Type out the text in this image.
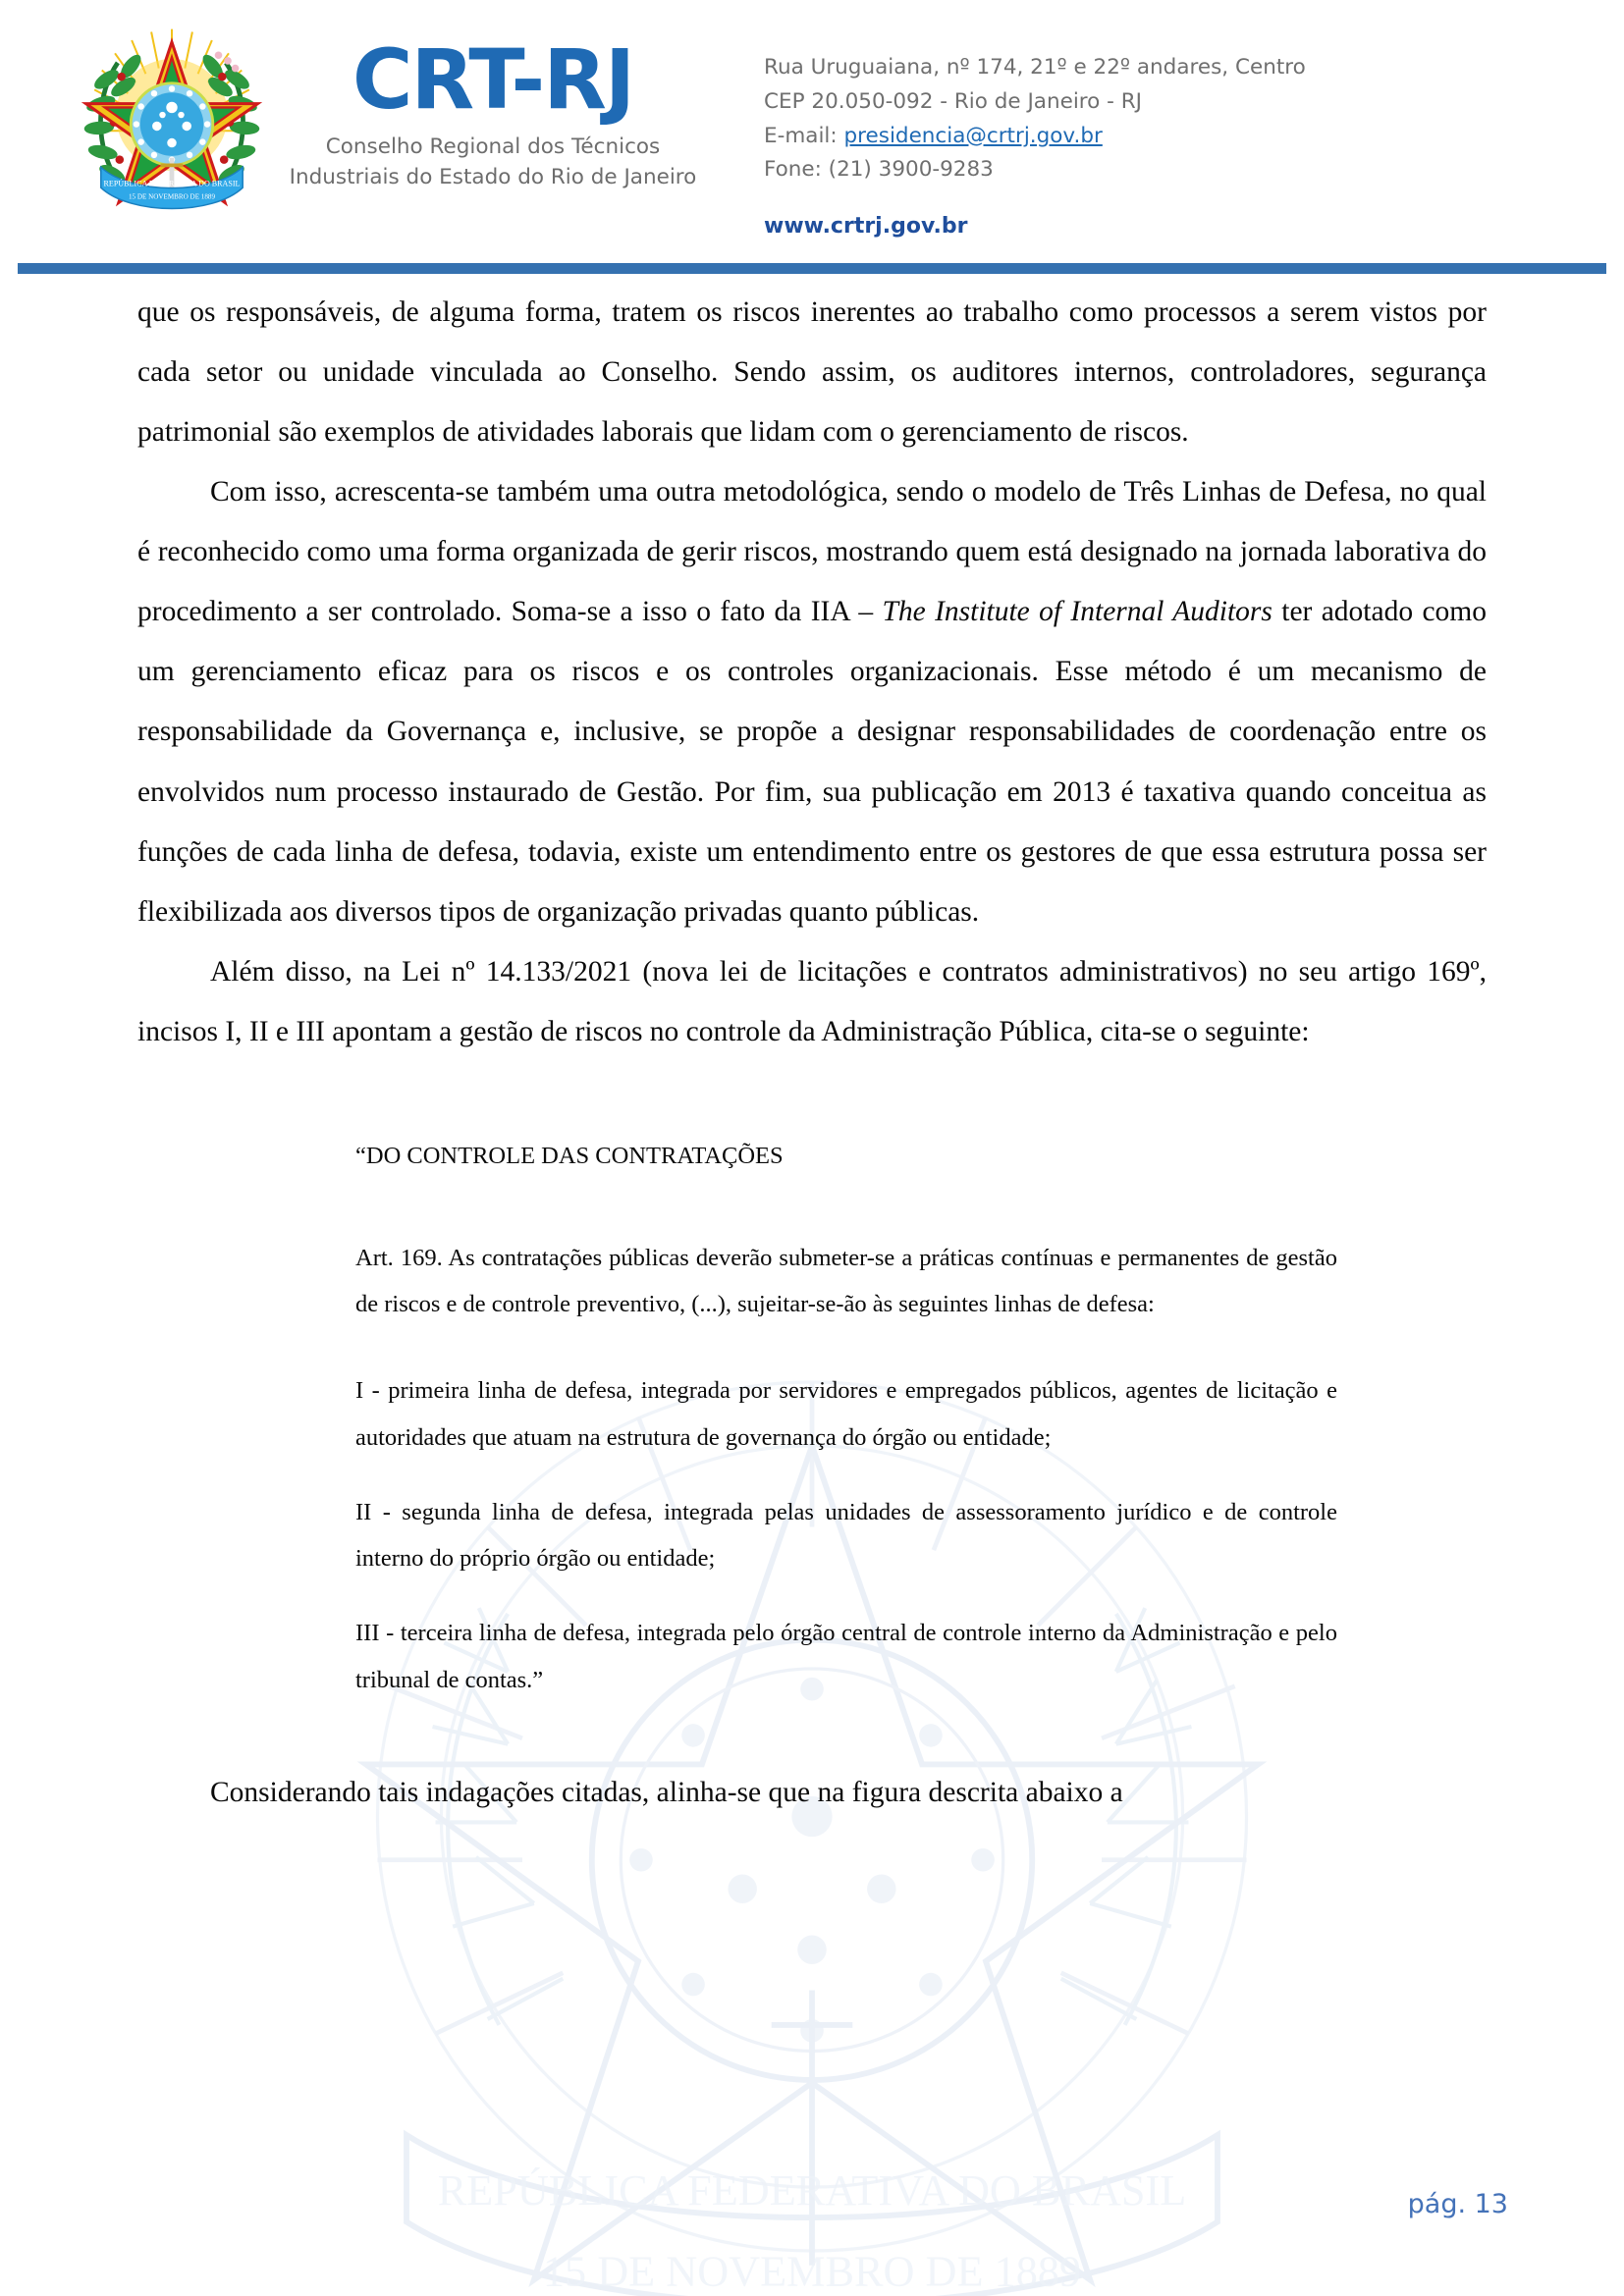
REPÚBLICA FEDERATIVA DO BRASIL
15 DE NOVEMBRO DE 1889
REPÚBLICA FEDERATIVA DO BRASIL
15 DE NOVEMBRO DE 1889
CRT-RJ
Conselho Regional dos Técnicos
Industriais do Estado do Rio de Janeiro
Rua Uruguaiana, nº 174, 21º e 22º andares, Centro
CEP 20.050-092 - Rio de Janeiro - RJ
E-mail: presidencia@crtrj.gov.br
Fone: (21) 3900-9283
www.crtrj.gov.br

que os responsáveis, de alguma forma, tratem os riscos inerentes ao trabalho como processos a serem vistos por cada setor ou unidade vinculada ao Conselho. Sendo assim, os auditores internos, controladores, segurança patrimonial são exemplos de atividades laborais que lidam com o gerenciamento de riscos.

Com isso, acrescenta-se também uma outra metodológica, sendo o modelo de Três Linhas de Defesa, no qual é reconhecido como uma forma organizada de gerir riscos, mostrando quem está designado na jornada laborativa do procedimento a ser controlado. Soma-se a isso o fato da IIA – The Institute of Internal Auditors ter adotado como um gerenciamento eficaz para os riscos e os controles organizacionais. Esse método é um mecanismo de responsabilidade da Governança e, inclusive, se propõe a designar responsabilidades de coordenação entre os envolvidos num processo instaurado de Gestão. Por fim, sua publicação em 2013 é taxativa quando conceitua as funções de cada linha de defesa, todavia, existe um entendimento entre os gestores de que essa estrutura possa ser flexibilizada aos diversos tipos de organização privadas quanto públicas.

Além disso, na Lei nº 14.133/2021 (nova lei de licitações e contratos administrativos) no seu artigo 169º, incisos I, II e III apontam a gestão de riscos no controle da Administração Pública, cita-se o seguinte:

“DO CONTROLE DAS CONTRATAÇÕES

Art. 169. As contratações públicas deverão submeter-se a práticas contínuas e permanentes de gestão de riscos e de controle preventivo, (...), sujeitar-se-ão às seguintes linhas de defesa:

I - primeira linha de defesa, integrada por servidores e empregados públicos, agentes de licitação e autoridades que atuam na estrutura de governança do órgão ou entidade;

II - segunda linha de defesa, integrada pelas unidades de assessoramento jurídico e de controle interno do próprio órgão ou entidade;

III - terceira linha de defesa, integrada pelo órgão central de controle interno da Administração e pelo tribunal de contas.”

Considerando tais indagações citadas, alinha-se que na figura descrita abaixo a

pág. 13
